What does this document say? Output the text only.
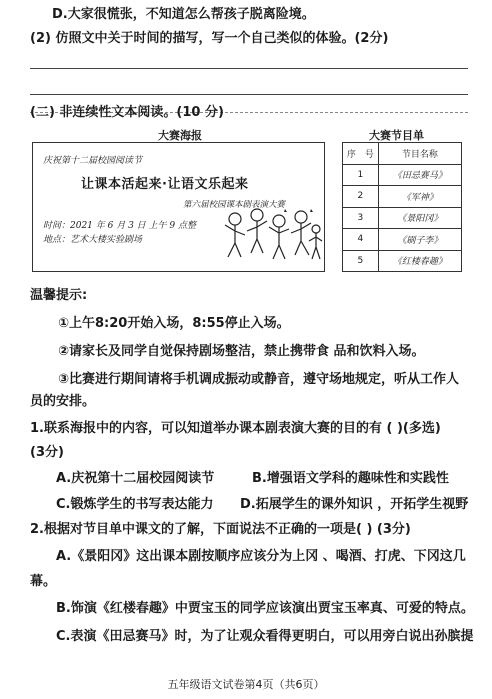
D.大家很慌张，不知道怎么帮孩子脱离险境。
(2) 仿照文中关于时间的描写，写一个自己类似的体验。(2分)
(二) 非连续性文本阅读。(10 分)
大赛海报	大赛节目单
庆祝第十二届校园阅读节
让课本活起来·让语文乐起来
第六届校园课本剧表演大赛
时间：2021 年 6 月 3 日 上午 9 点整
地点：艺术大楼实验剧场
序　号	节目名称
1	《田忌赛马》
2	《军神》
3	《景阳冈》
4	《刷子李》
5	《红楼春趣》
温馨提示:
①上午8:20开始入场，8:55停止入场。
②请家长及同学自觉保持剧场整洁，禁止携带食 品和饮料入场。
③比赛进行期间请将手机调成振动或静音，遵守场地规定，听从工作人
员的安排。
1.联系海报中的内容，可以知道举办课本剧表演大赛的目的有 ( )(多选)
(3分)
A.庆祝第十二届校园阅读节	B.增强语文学科的趣味性和实践性
C.锻炼学生的书写表达能力 D.拓展学生的课外知识 ，开拓学生视野
2.根据对节目单中课文的了解，下面说法不正确的一项是( ) (3分)
A.《景阳冈》这出课本剧按顺序应该分为上冈 、喝酒、打虎、下冈这几
幕。
B.饰演《红楼春趣》中贾宝玉的同学应该演出贾宝玉率真、可爱的特点。
C.表演《田忌赛马》时，为了让观众看得更明白，可以用旁白说出孙膑提
五年级语文试卷第4页（共6页）
